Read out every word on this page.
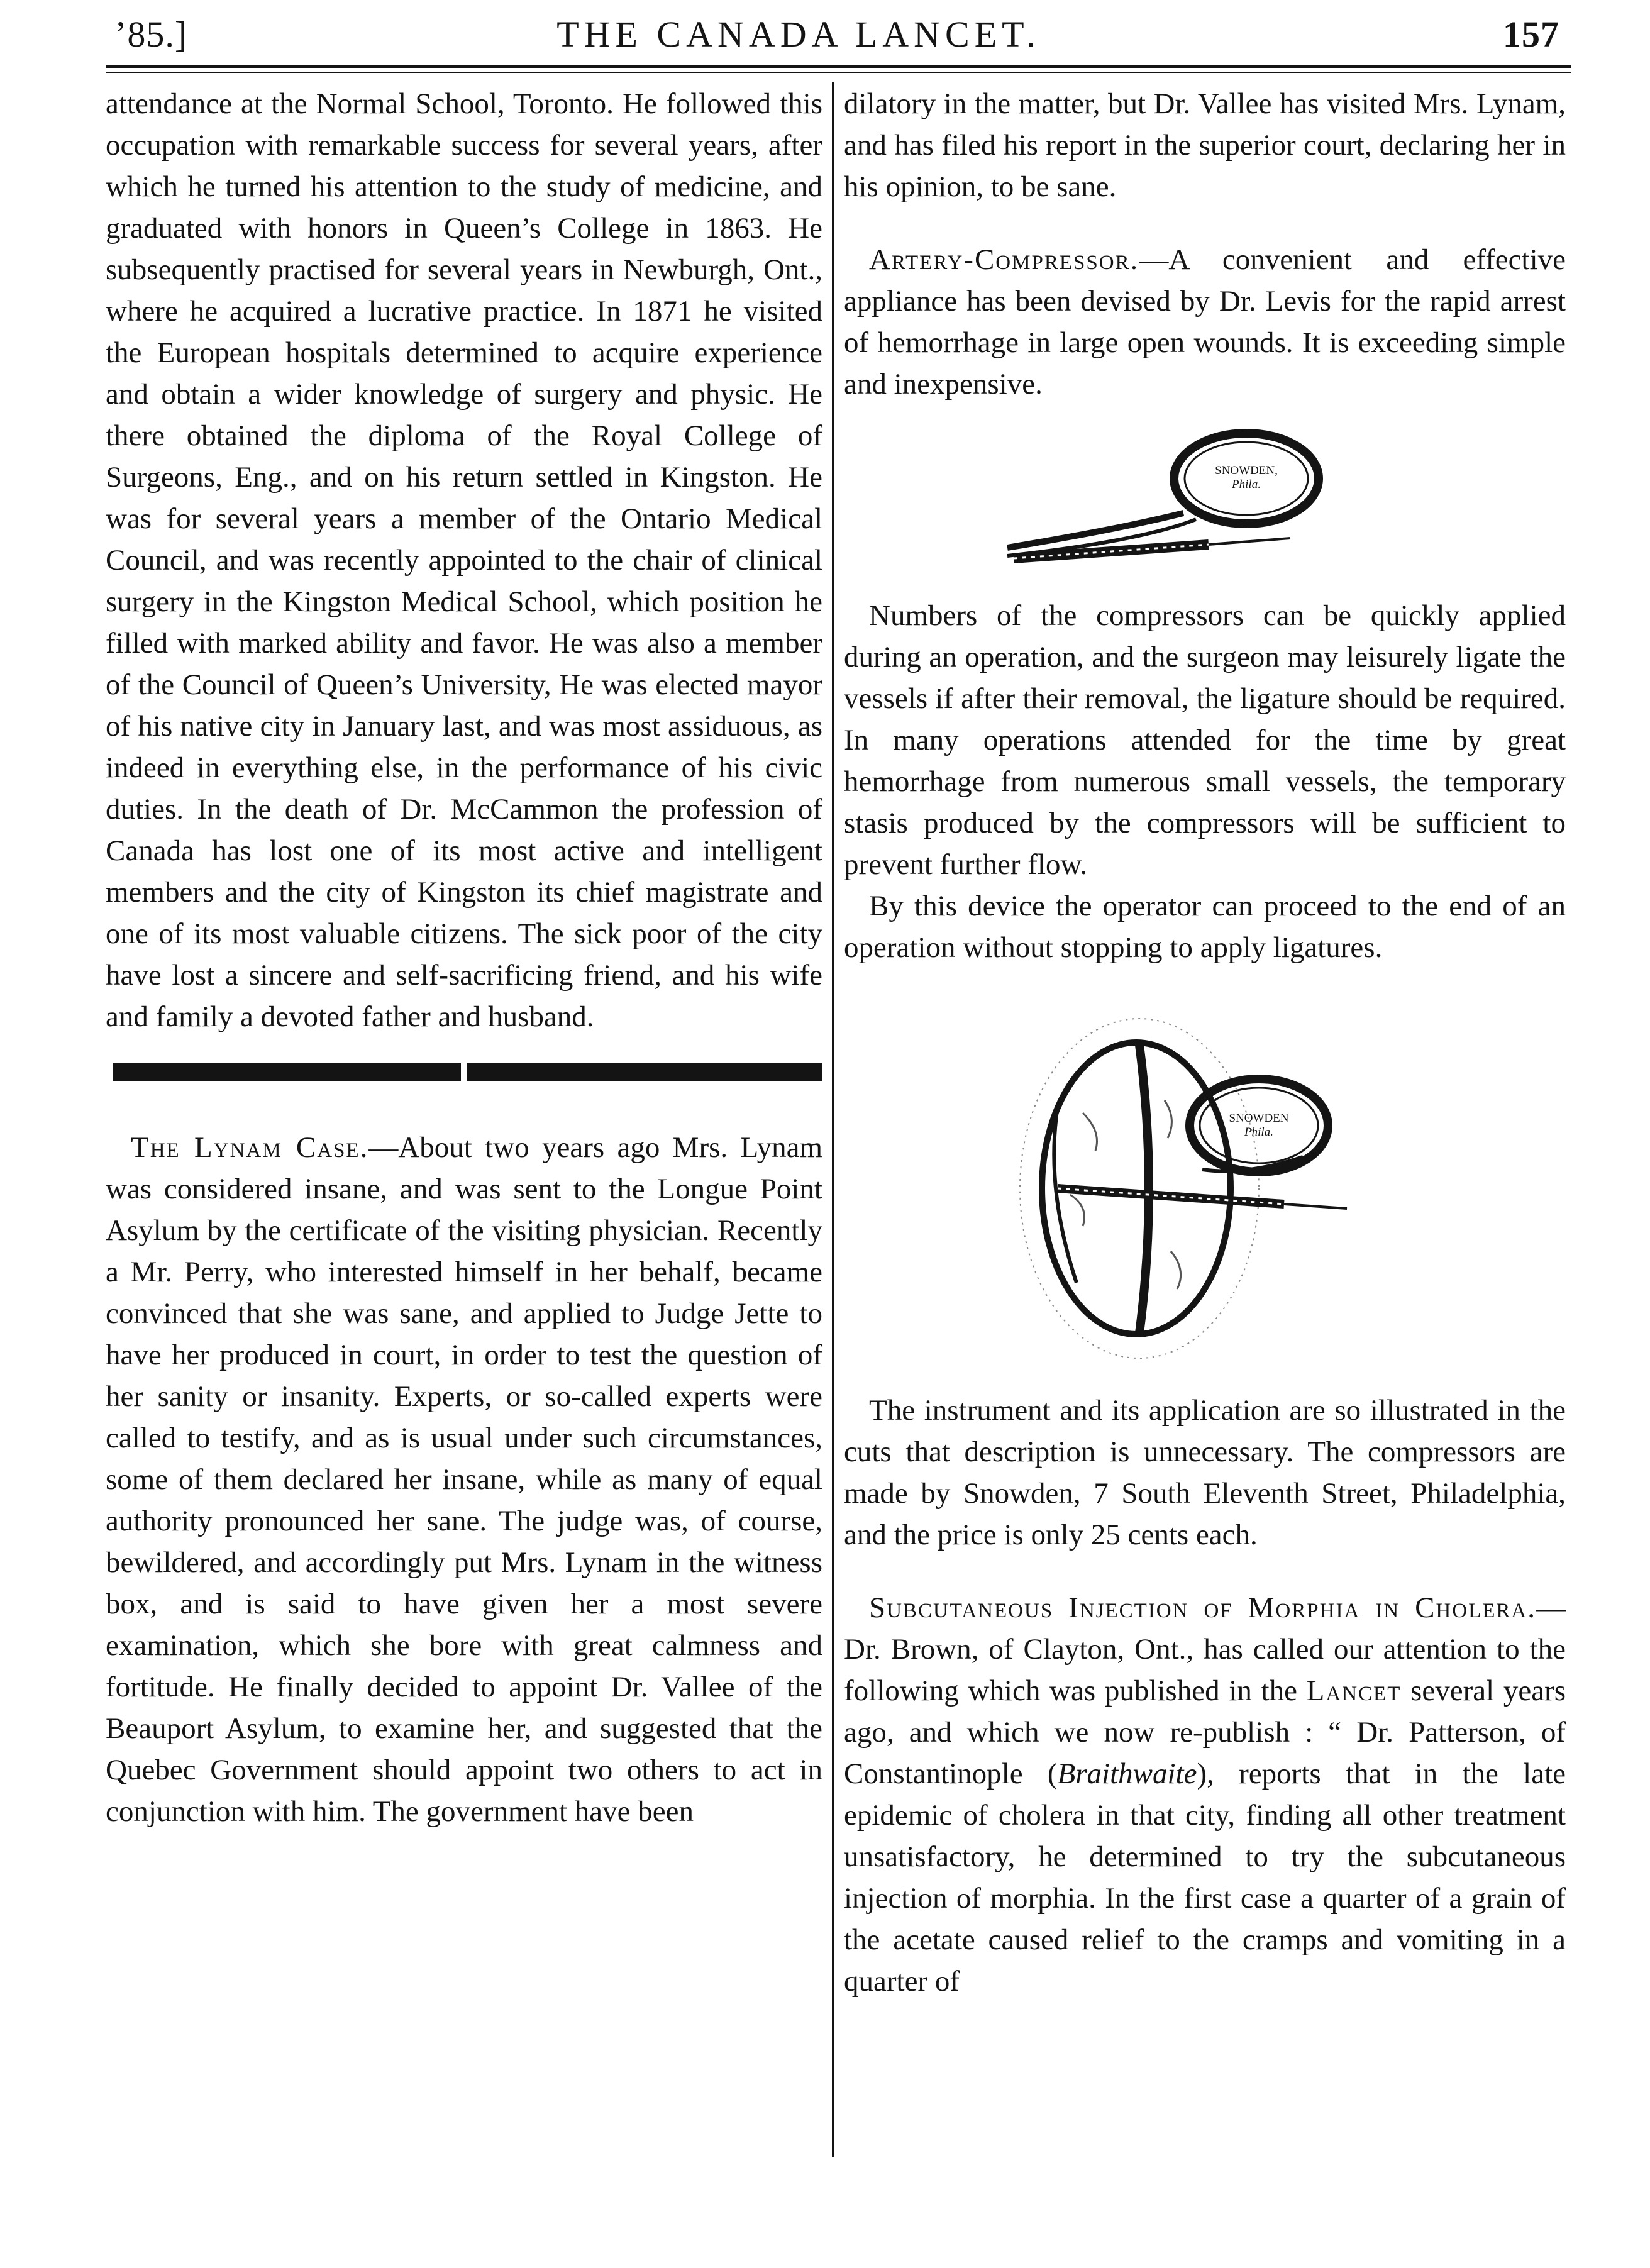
’85.]	THE CANADA LANCET.	157

attendance at the Normal School, Toronto. He followed this occupation with remarkable success for several years, after which he turned his attention to the study of medicine, and graduated with honors in Queen’s College in 1863. He subsequently practised for several years in Newburgh, Ont., where he acquired a lucrative practice. In 1871 he visited the European hospitals determined to acquire experience and obtain a wider knowledge of surgery and physic. He there obtained the diploma of the Royal College of Surgeons, Eng., and on his return settled in Kingston. He was for several years a member of the Ontario Medical Council, and was recently appointed to the chair of clinical surgery in the Kingston Medical School, which position he filled with marked ability and favor. He was also a member of the Council of Queen’s University, He was elected mayor of his native city in January last, and was most assiduous, as indeed in everything else, in the performance of his civic duties. In the death of Dr. McCammon the profession of Canada has lost one of its most active and intelligent members and the city of Kingston its chief magistrate and one of its most valuable citizens. The sick poor of the city have lost a sincere and self-sacrificing friend, and his wife and family a devoted father and husband.

The Lynam Case.—About two years ago Mrs. Lynam was considered insane, and was sent to the Longue Point Asylum by the certificate of the visiting physician. Recently a Mr. Perry, who interested himself in her behalf, became convinced that she was sane, and applied to Judge Jette to have her produced in court, in order to test the question of her sanity or insanity. Experts, or so-called experts were called to testify, and as is usual under such circumstances, some of them declared her insane, while as many of equal authority pronounced her sane. The judge was, of course, bewildered, and accordingly put Mrs. Lynam in the witness box, and is said to have given her a most severe examination, which she bore with great calmness and fortitude. He finally decided to appoint Dr. Vallee of the Beauport Asylum, to examine her, and suggested that the Quebec Government should appoint two others to act in conjunction with him. The government have been

dilatory in the matter, but Dr. Vallee has visited Mrs. Lynam, and has filed his report in the superior court, declaring her in his opinion, to be sane.

Artery-Compressor.—A convenient and effective appliance has been devised by Dr. Levis for the rapid arrest of hemorrhage in large open wounds. It is exceeding simple and inexpensive.

SNOWDEN,
Phila.

Numbers of the compressors can be quickly applied during an operation, and the surgeon may leisurely ligate the vessels if after their removal, the ligature should be required. In many operations attended for the time by great hemorrhage from numerous small vessels, the temporary stasis produced by the compressors will be sufficient to prevent further flow.

By this device the operator can proceed to the end of an operation without stopping to apply ligatures.

SNOWDEN
Phila.

The instrument and its application are so illustrated in the cuts that description is unnecessary. The compressors are made by Snowden, 7 South Eleventh Street, Philadelphia, and the price is only 25 cents each.

Subcutaneous Injection of Morphia in Cholera.—Dr. Brown, of Clayton, Ont., has called our attention to the following which was published in the Lancet several years ago, and which we now re-publish : “ Dr. Patterson, of Constantinople (Braithwaite), reports that in the late epidemic of cholera in that city, finding all other treatment unsatisfactory, he determined to try the subcutaneous injection of morphia. In the first case a quarter of a grain of the acetate caused relief to the cramps and vomiting in a quarter of
